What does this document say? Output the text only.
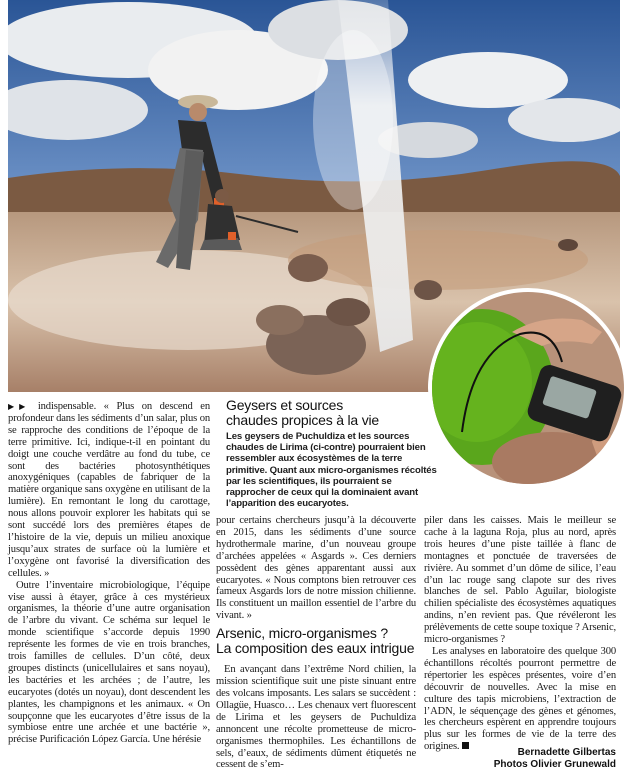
Geysers et sources
chaudes propices à la vie

Les geysers de Puchuldiza et les sources chaudes de Lirima (ci-contre) pourraient bien ressembler aux écosystèmes de la terre primitive. Quant aux micro-organismes récoltés par les scientifiques, ils pourraient se rapprocher de ceux qui la dominaient avant l’apparition des eucaryotes.

▶▶ indispensable. « Plus on descend en profondeur dans les sédiments d’un salar, plus on se rapproche des conditions de l’époque de la terre primitive. Ici, indique-t-il en pointant du doigt une couche verdâtre au fond du tube, ce sont des bactéries photosynthétiques anoxygéniques (capables de fabriquer de la matière organique sans oxygène en utilisant de la lumière). En remontant le long du carottage, nous allons pouvoir explorer les habitats qui se sont succédé lors des premières étapes de l’histoire de la vie, depuis un milieu anoxique jusqu’aux strates de surface où la lumière et l’oxygène ont favorisé la diversification des cellules. »

Outre l’inventaire microbiologique, l’équipe vise aussi à étayer, grâce à ces mystérieux organismes, la théorie d’une autre organisation de l’arbre du vivant. Ce schéma sur lequel le monde scientifique s’accorde depuis 1990 représente les formes de vie en trois branches, trois familles de cellules. D’un côté, deux groupes distincts (unicellulaires et sans noyau), les bactéries et les archées ; de l’autre, les eucaryotes (dotés un noyau), dont descendent les plantes, les champignons et les animaux. « On soupçonne que les eucaryotes d’être issus de la symbiose entre une archée et une bactérie », précise Purificación López García. Une hérésie

pour certains chercheurs jusqu’à la découverte en 2015, dans les sédiments d’une source hydrothermale marine, d’un nouveau groupe d’archées appelées « Asgards ». Ces derniers possèdent des gènes apparentant aussi aux eucaryotes. « Nous comptons bien retrouver ces fameux Asgards lors de notre mission chilienne. Ils constituent un maillon essentiel de l’arbre du vivant. »

Arsenic, micro-organismes ?
La composition des eaux intrigue

En avançant dans l’extrême Nord chilien, la mission scientifique suit une piste sinuant entre des volcans imposants. Les salars se succèdent : Ollagüe, Huasco… Les chenaux vert fluorescent de Lirima et les geysers de Puchuldiza annoncent une récolte prometteuse de micro-organismes thermophiles. Les échantillons de sels, d’eaux, de sédiments dûment étiquetés ne cessent de s’em-

piler dans les caisses. Mais le meilleur se cache à la laguna Roja, plus au nord, après trois heures d’une piste taillée à flanc de montagnes et ponctuée de traversées de rivière. Au sommet d’un dôme de silice, l’eau d’un lac rouge sang clapote sur des rives blanches de sel. Pablo Aguilar, biologiste chilien spécialiste des écosystèmes aquatiques andins, n’en revient pas. Que révéleront les prélèvements de cette soupe toxique ? Arsenic, micro-organismes ?

Les analyses en laboratoire des quelque 300 échantillons récoltés pourront permettre de répertorier les espèces présentes, voire d’en découvrir de nouvelles. Avec la mise en culture des tapis microbiens, l’extraction de l’ADN, le séquençage des gènes et génomes, les chercheurs espèrent en apprendre toujours plus sur les formes de vie de la terre des origines.

Bernadette Gilbertas
Photos Olivier Grunewald
